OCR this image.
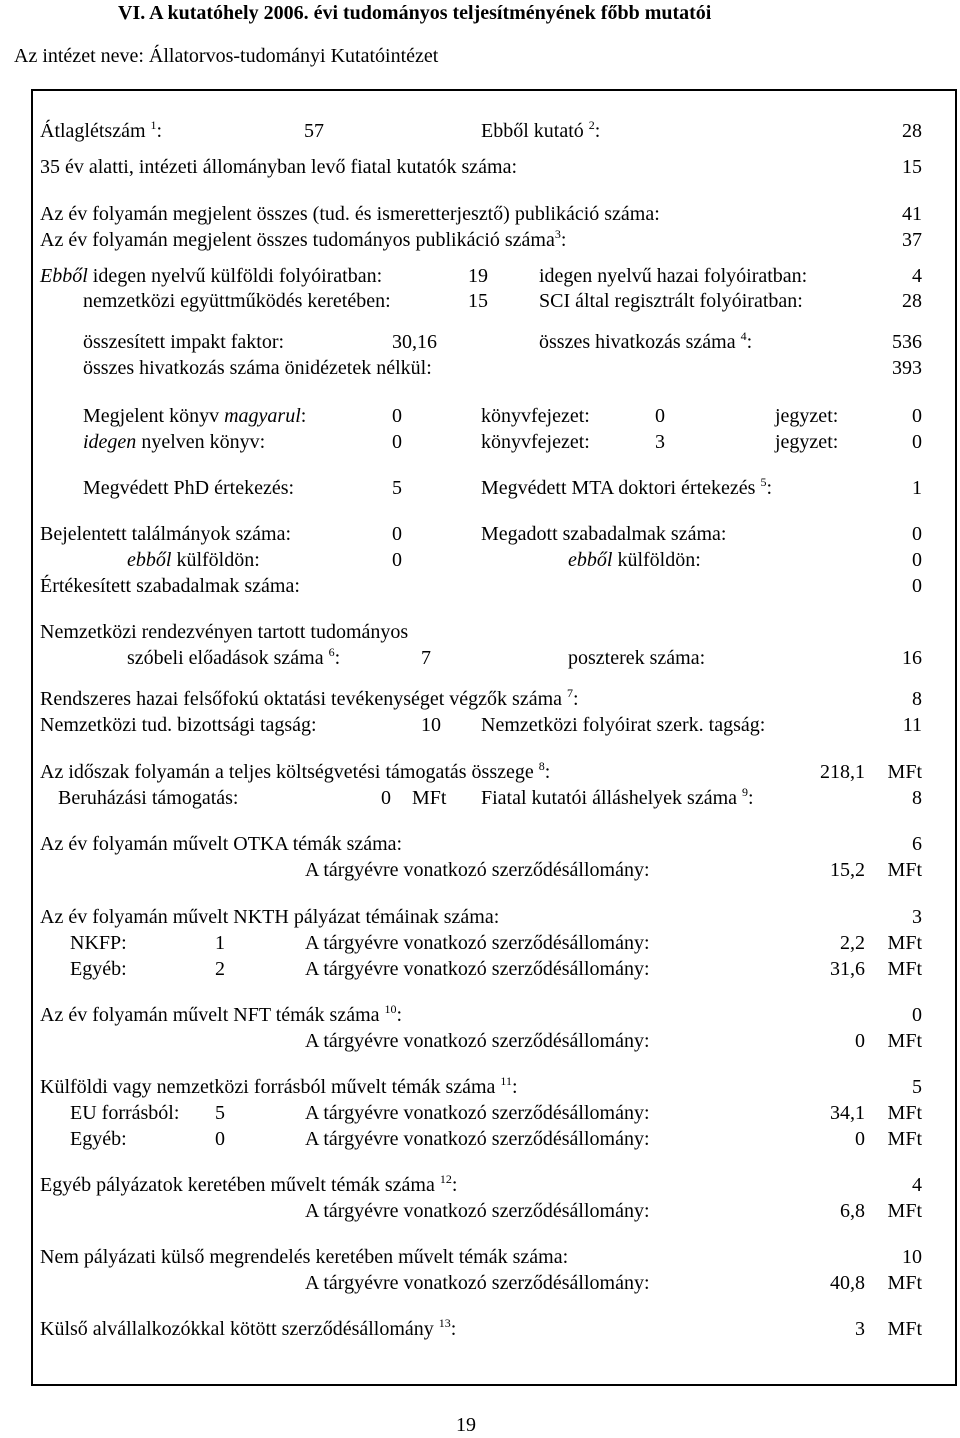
VI. A kutatóhely 2006. évi tudományos teljesítményének főbb mutatói
Az intézet neve: Állatorvos-tudományi Kutatóintézet
Átlaglétszám $^1$:	57	Ebből kutató $^2$:	28
35 év alatti, intézeti állományban levő fiatal kutatók száma:	15
Az év folyamán megjelent összes (tud. és ismeretterjesztő) publikáció száma:	41
Az év folyamán megjelent összes tudományos publikáció száma$^3$:	37
Ebből idegen nyelvű külföldi folyóiratban:	19	idegen nyelvű hazai folyóiratban:	4
nemzetközi együttműködés keretében:	15	SCI által regisztrált folyóiratban:	28
összesített impakt faktor:	30,16	összes hivatkozás száma $^4$:	536
összes hivatkozás száma önidézetek nélkül:	393
Megjelent könyv magyarul:	0	könyvfejezet:	0	jegyzet:	0
idegen nyelven könyv:	0	könyvfejezet:	3	jegyzet:	0
Megvédett PhD értekezés:	5	Megvédett MTA doktori értekezés $^5$:	1
Bejelentett találmányok száma:	0	Megadott szabadalmak száma:	0
ebből külföldön:	0	ebből külföldön:	0
Értékesített szabadalmak száma:	0
Nemzetközi rendezvényen tartott tudományos
szóbeli előadások száma $^6$:	7	poszterek száma:	16
Rendszeres hazai felsőfokú oktatási tevékenységet végzők száma $^7$:	8
Nemzetközi tud. bizottsági tagság:	10 Nemzetközi folyóirat szerk. tagság:	11
Az időszak folyamán a teljes költségvetési támogatás összege $^8$:	218,1 MFt
Beruházási támogatás:	0 MFt Fiatal kutatói álláshelyek száma $^9$:	8
Az év folyamán művelt OTKA témák száma:	6
A tárgyévre vonatkozó szerződésállomány:	15,2 MFt
Az év folyamán művelt NKTH pályázat témáinak száma:	3
NKFP:	1	A tárgyévre vonatkozó szerződésállomány:	2,2 MFt
Egyéb:	2	A tárgyévre vonatkozó szerződésállomány:	31,6 MFt
Az év folyamán művelt NFT témák száma $^{10}$:	0
A tárgyévre vonatkozó szerződésállomány:	0 MFt
Külföldi vagy nemzetközi forrásból művelt témák száma $^{11}$:	5
EU forrásból: 5	A tárgyévre vonatkozó szerződésállomány:	34,1 MFt
Egyéb:	0	A tárgyévre vonatkozó szerződésállomány:	0 MFt
Egyéb pályázatok keretében művelt témák száma $^{12}$:	4
A tárgyévre vonatkozó szerződésállomány:	6,8 MFt
Nem pályázati külső megrendelés keretében művelt témák száma:	10
A tárgyévre vonatkozó szerződésállomány:	40,8 MFt
Külső alvállalkozókkal kötött szerződésállomány $^{13}$:	3 MFt
19
